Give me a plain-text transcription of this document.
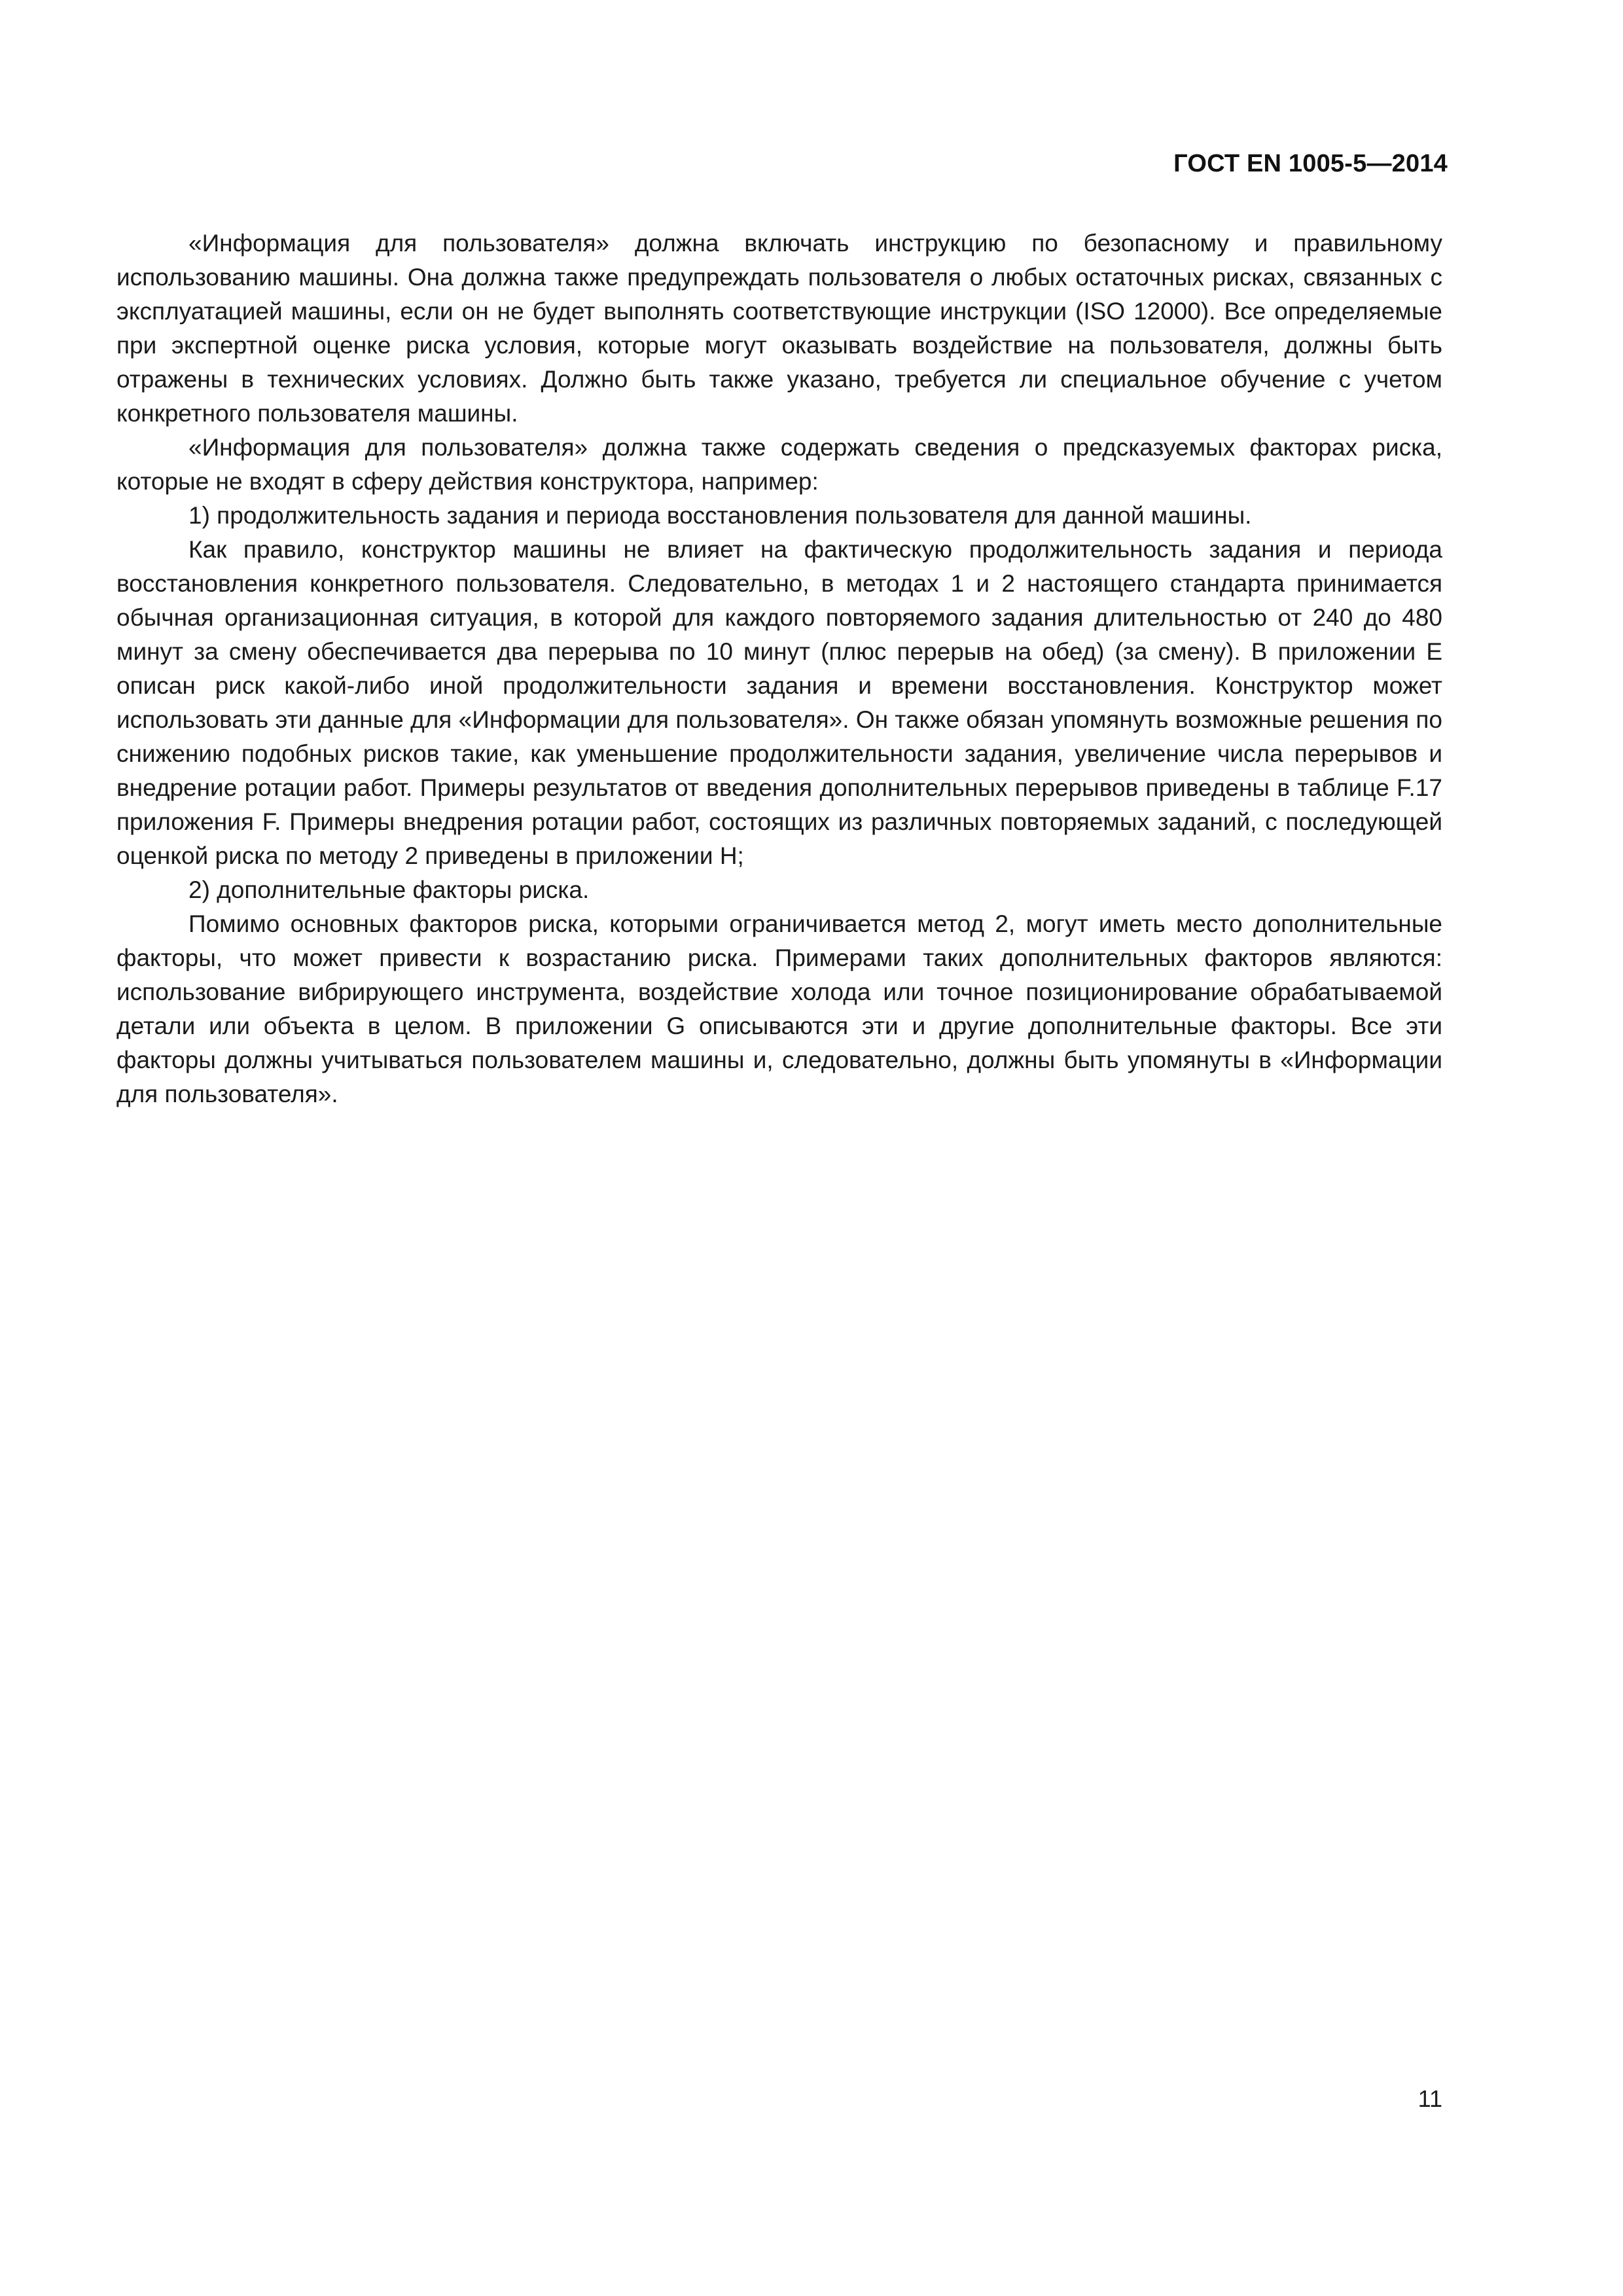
ГОСТ EN 1005-5—2014

«Информация для пользователя» должна включать инструкцию по безопасному и правильному использованию машины. Она должна также предупреждать пользователя о любых остаточных рисках, связанных с эксплуатацией машины, если он не будет выполнять соответствующие инструкции (ISO 12000). Все определяемые при экспертной оценке риска условия, которые могут оказывать воздействие на пользователя, должны быть отражены в технических условиях. Должно быть также указано, требуется ли специальное обучение с учетом конкретного пользователя машины.

«Информация для пользователя» должна также содержать сведения о предсказуемых факторах риска, которые не входят в сферу действия конструктора, например:

1) продолжительность задания и периода восстановления пользователя для данной машины.

Как правило, конструктор машины не влияет на фактическую продолжительность задания и периода восстановления конкретного пользователя. Следовательно, в методах 1 и 2 настоящего стандарта принимается обычная организационная ситуация, в которой для каждого повторяемого задания длительностью от 240 до 480 минут за смену обеспечивается два перерыва по 10 минут (плюс перерыв на обед) (за смену). В приложении Е описан риск какой-либо иной продолжительности задания и времени восстановления. Конструктор может использовать эти данные для «Информации для пользователя». Он также обязан упомянуть возможные решения по снижению подобных рисков такие, как уменьшение продолжительности задания, увеличение числа перерывов и внедрение ротации работ. Примеры результатов от введения дополнительных перерывов приведены в таблице F.17 приложения F. Примеры внедрения ротации работ, состоящих из различных повторяемых заданий, с последующей оценкой риска по методу 2 приведены в приложении Н;

2) дополнительные факторы риска.

Помимо основных факторов риска, которыми ограничивается метод 2, могут иметь место дополнительные факторы, что может привести к возрастанию риска. Примерами таких дополнительных факторов являются: использование вибрирующего инструмента, воздействие холода или точное позиционирование обрабатываемой детали или объекта в целом. В приложении G описываются эти и другие дополнительные факторы. Все эти факторы должны учитываться пользователем машины и, следовательно, должны быть упомянуты в «Информации для пользователя».

11
